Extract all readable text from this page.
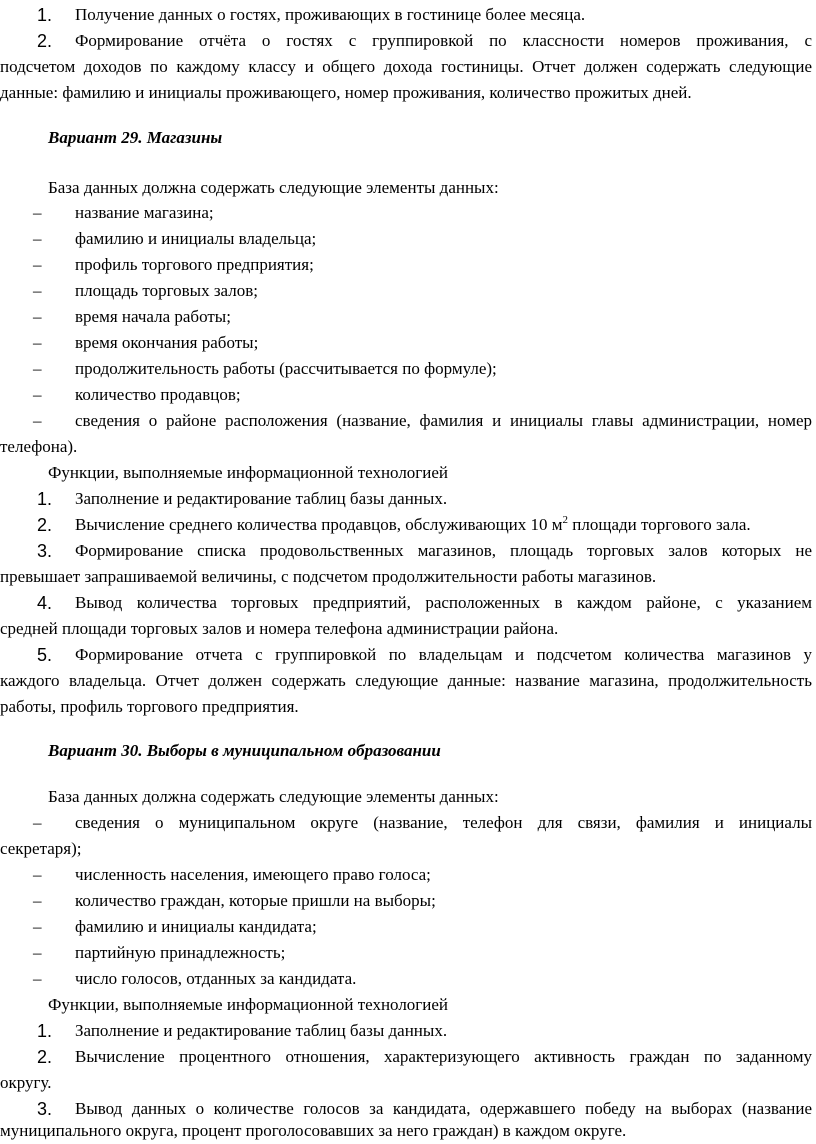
1. Получение данных о гостях, проживающих в гостинице более месяца.
2. Формирование отчёта о гостях с группировкой по классности номеров проживания, с
подсчетом доходов по каждому классу и общего дохода гостиницы. Отчет должен содержать следующие
данные: фамилию и инициалы проживающего, номер проживания, количество прожитых дней.
Вариант 29. Магазины
База данных должна содержать следующие элементы данных:
– название магазина;
– фамилию и инициалы владельца;
– профиль торгового предприятия;
– площадь торговых залов;
– время начала работы;
– время окончания работы;
– продолжительность работы (рассчитывается по формуле);
– количество продавцов;
– сведения о районе расположения (название, фамилия и инициалы главы администрации, номер
телефона).
Функции, выполняемые информационной технологией
1. Заполнение и редактирование таблиц базы данных.
2. Вычисление среднего количества продавцов, обслуживающих 10 $м^2$ площади торгового зала.
3. Формирование списка продовольственных магазинов, площадь торговых залов которых не
превышает запрашиваемой величины, с подсчетом продолжительности работы магазинов.
4. Вывод количества торговых предприятий, расположенных в каждом районе, с указанием
средней площади торговых залов и номера телефона администрации района.
5. Формирование отчета с группировкой по владельцам и подсчетом количества магазинов у
каждого владельца. Отчет должен содержать следующие данные: название магазина, продолжительность
работы, профиль торгового предприятия.
Вариант 30. Выборы в муниципальном образовании
База данных должна содержать следующие элементы данных:
– сведения о муниципальном округе (название, телефон для связи, фамилия и инициалы
секретаря);
– численность населения, имеющего право голоса;
– количество граждан, которые пришли на выборы;
– фамилию и инициалы кандидата;
– партийную принадлежность;
– число голосов, отданных за кандидата.
Функции, выполняемые информационной технологией
1. Заполнение и редактирование таблиц базы данных.
2. Вычисление процентного отношения, характеризующего активность граждан по заданному
округу.
3. Вывод данных о количестве голосов за кандидата, одержавшего победу на выборах (название
муниципального округа, процент проголосовавших за него граждан) в каждом округе.
